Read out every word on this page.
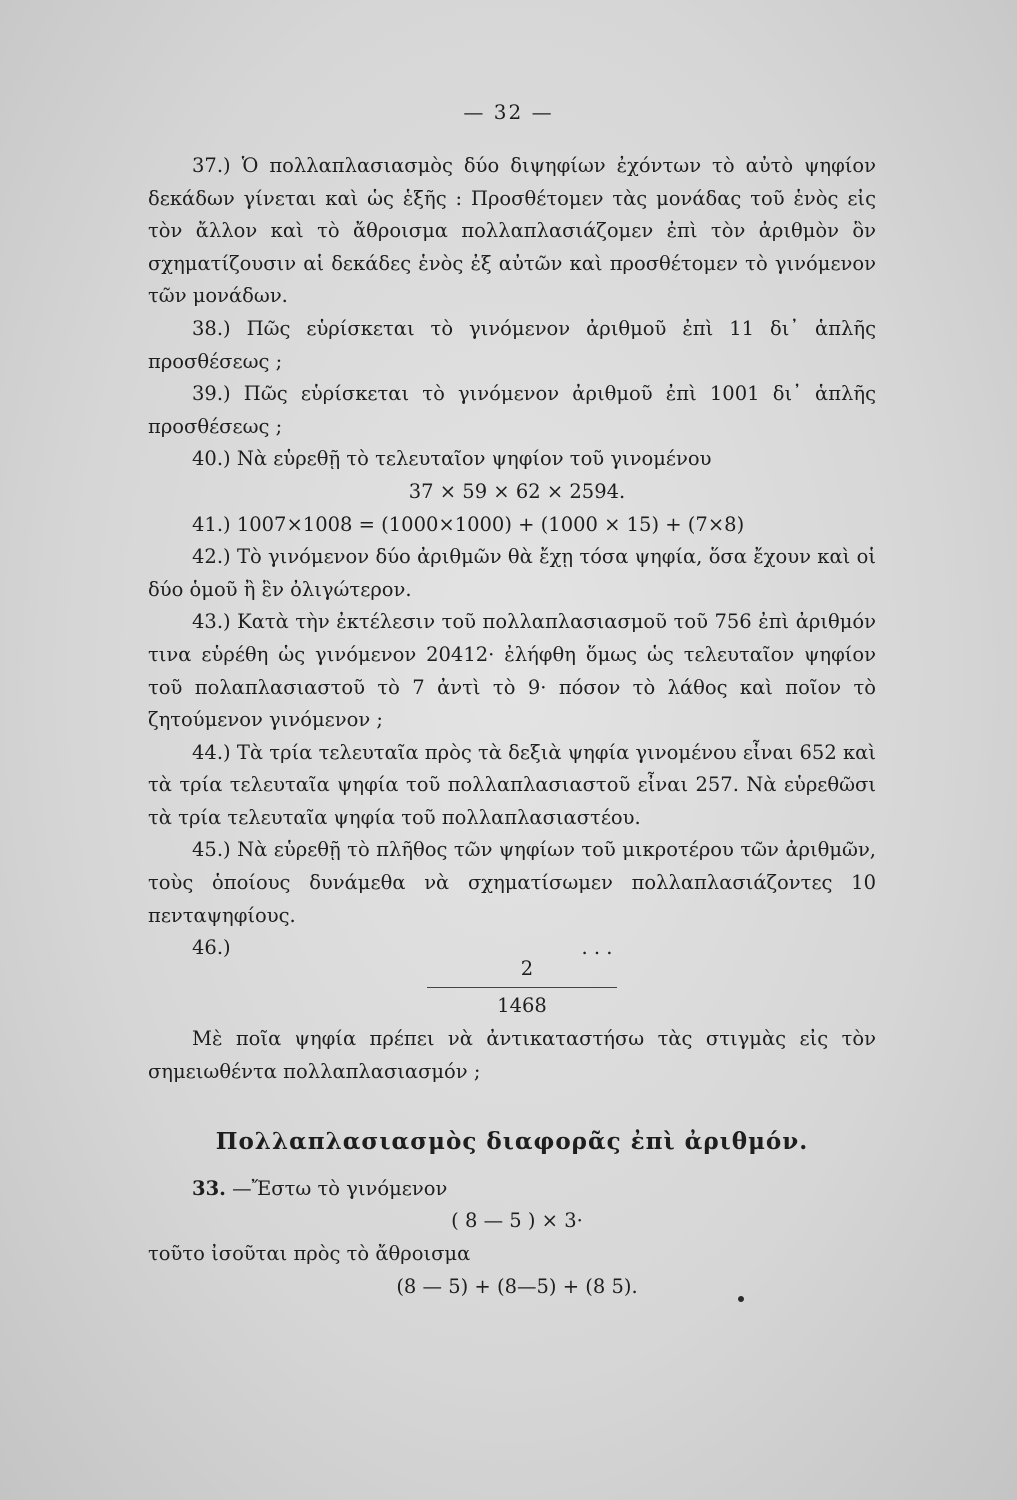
— 32 —

37.) Ὁ πολλαπλασιασμὸς δύο διψηφίων ἐχόντων τὸ αὐτὸ ψηφίον δεκάδων γίνεται καὶ ὡς ἑξῆς : Προσθέτομεν τὰς μονάδας τοῦ ἑνὸς εἰς τὸν ἄλλον καὶ τὸ ἄθροισμα πολλαπλασιάζομεν ἐπὶ τὸν ἀριθμὸν ὃν σχηματίζουσιν αἱ δεκάδες ἑνὸς ἐξ αὐτῶν καὶ προσθέτομεν τὸ γινόμενον τῶν μονάδων.

38.) Πῶς εὑρίσκεται τὸ γινόμενον ἀριθμοῦ ἐπὶ 11 δι᾽ ἁπλῆς προσθέσεως ;

39.) Πῶς εὑρίσκεται τὸ γινόμενον ἀριθμοῦ ἐπὶ 1001 δι᾽ ἁπλῆς προσθέσεως ;

40.) Νὰ εὑρεθῇ τὸ τελευταῖον ψηφίον τοῦ γινομένου

37 × 59 × 62 × 2594.

41.) 1007×1008 = (1000×1000) + (1000 × 15) + (7×8)

42.) Τὸ γινόμενον δύο ἀριθμῶν θὰ ἔχῃ τόσα ψηφία, ὅσα ἔχουν καὶ οἱ δύο ὁμοῦ ἢ ἓν ὀλιγώτερον.

43.) Κατὰ τὴν ἐκτέλεσιν τοῦ πολλαπλασιασμοῦ τοῦ 756 ἐπὶ ἀριθμόν τινα εὑρέθη ὡς γινόμενον 20412· ἐλήφθη ὅμως ὡς τελευταῖον ψηφίον τοῦ πολαπλασιαστοῦ τὸ 7 ἀντὶ τὸ 9· πόσον τὸ λάθος καὶ ποῖον τὸ ζητούμενον γινόμενον ;

44.) Τὰ τρία τελευταῖα πρὸς τὰ δεξιὰ ψηφία γινομένου εἶναι 652 καὶ τὰ τρία τελευταῖα ψηφία τοῦ πολλαπλασιαστοῦ εἶναι 257. Νὰ εὑρεθῶσι τὰ τρία τελευταῖα ψηφία τοῦ πολλαπλασιαστέου.

45.) Νὰ εὑρεθῇ τὸ πλῆθος τῶν ψηφίων τοῦ μικροτέρου τῶν ἀριθμῶν, τοὺς ὁποίους δυνάμεθα νὰ σχηματίσωμεν πολλαπλασιάζοντες 10 πενταψηφίους.

46.)	. . .
2
1468

Μὲ ποῖα ψηφία πρέπει νὰ ἀντικαταστήσω τὰς στιγμὰς εἰς τὸν σημειωθέντα πολλαπλασιασμόν ;

Πολλαπλασιασμὸς διαφορᾶς ἐπὶ ἀριθμόν.

33. —Ἔστω τὸ γινόμενον

( 8 — 5 ) × 3·

τοῦτο ἰσοῦται πρὸς τὸ ἄθροισμα

(8 — 5) + (8—5) + (8 5).
